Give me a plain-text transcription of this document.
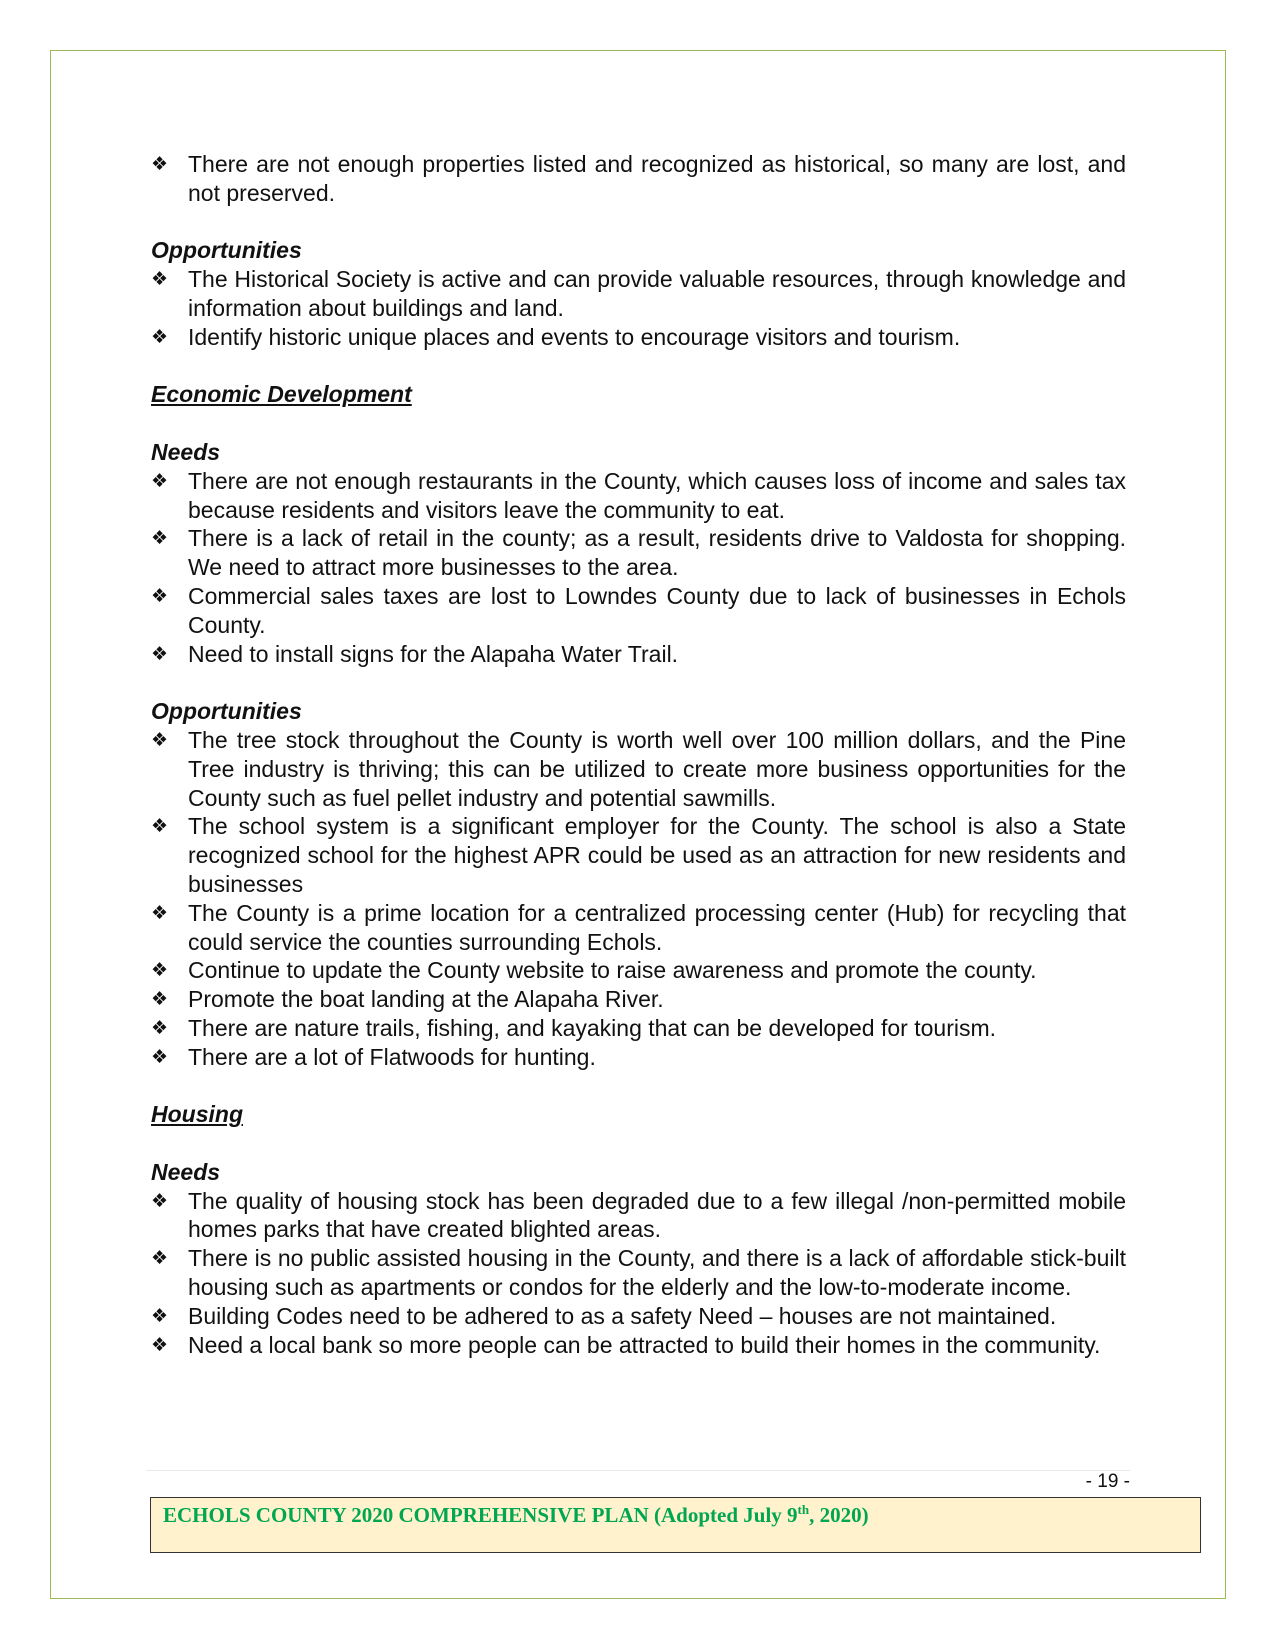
❖ There are not enough properties listed and recognized as historical, so many are lost, and not preserved.

Opportunities

❖ The Historical Society is active and can provide valuable resources, through knowledge and information about buildings and land.
❖ Identify historic unique places and events to encourage visitors and tourism.

Economic Development

Needs

❖ There are not enough restaurants in the County, which causes loss of income and sales tax because residents and visitors leave the community to eat.
❖ There is a lack of retail in the county; as a result, residents drive to Valdosta for shopping. We need to attract more businesses to the area.
❖ Commercial sales taxes are lost to Lowndes County due to lack of businesses in Echols County.
❖ Need to install signs for the Alapaha Water Trail.

Opportunities

❖ The tree stock throughout the County is worth well over 100 million dollars, and the Pine Tree industry is thriving; this can be utilized to create more business opportunities for the County such as fuel pellet industry and potential sawmills.
❖ The school system is a significant employer for the County. The school is also a State recognized school for the highest APR could be used as an attraction for new residents and businesses
❖ The County is a prime location for a centralized processing center (Hub) for recycling that could service the counties surrounding Echols.
❖ Continue to update the County website to raise awareness and promote the county.
❖ Promote the boat landing at the Alapaha River.
❖ There are nature trails, fishing, and kayaking that can be developed for tourism.
❖ There are a lot of Flatwoods for hunting.

Housing

Needs

❖ The quality of housing stock has been degraded due to a few illegal /non-permitted mobile homes parks that have created blighted areas.
❖ There is no public assisted housing in the County, and there is a lack of affordable stick-built housing such as apartments or condos for the elderly and the low-to-moderate income.
❖ Building Codes need to be adhered to as a safety Need – houses are not maintained.
❖ Need a local bank so more people can be attracted to build their homes in the community.
- 19 -
ECHOLS COUNTY 2020 COMPREHENSIVE PLAN (Adopted July 9th, 2020)
